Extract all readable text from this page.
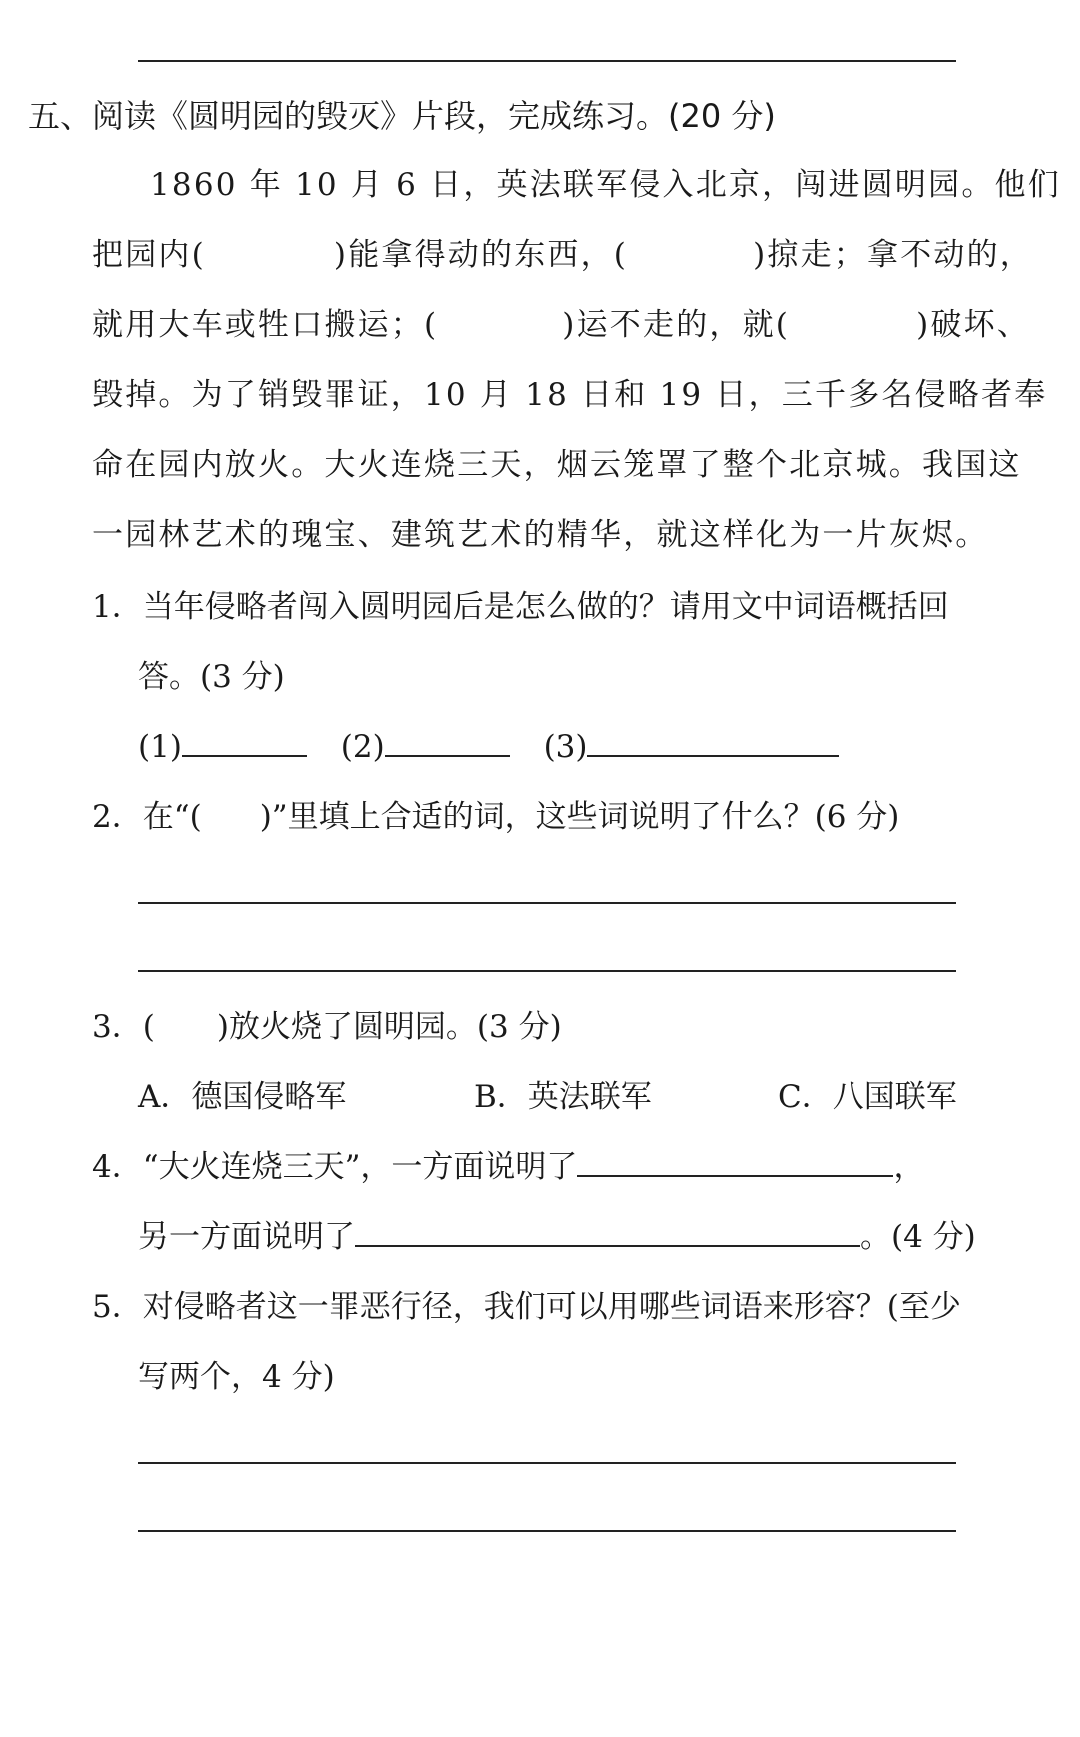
五、阅读《圆明园的毁灭》片段，完成练习。(20 分)
1860 年 10 月 6 日，英法联军侵入北京，闯进圆明园。他们
把园内(	)能拿得动的东西，(	)掠走；拿不动的，
就用大车或牲口搬运；(	)运不走的，就(	)破坏、
毁掉。为了销毁罪证，10 月 18 日和 19 日，三千多名侵略者奉
命在园内放火。大火连烧三天，烟云笼罩了整个北京城。我国这
一园林艺术的瑰宝、建筑艺术的精华，就这样化为一片灰烬。
1．当年侵略者闯入圆明园后是怎么做的？请用文中词语概括回
答。(3 分)
(1)	(2)	(3)
2．在“( )”里填上合适的词，这些词说明了什么？(6 分)
3．( )放火烧了圆明园。(3 分)
A．德国侵略军	B．英法联军	C．八国联军
4．“大火连烧三天”，一方面说明了	，
另一方面说明了	。(4 分)
5．对侵略者这一罪恶行径，我们可以用哪些词语来形容？(至少
写两个，4 分)
